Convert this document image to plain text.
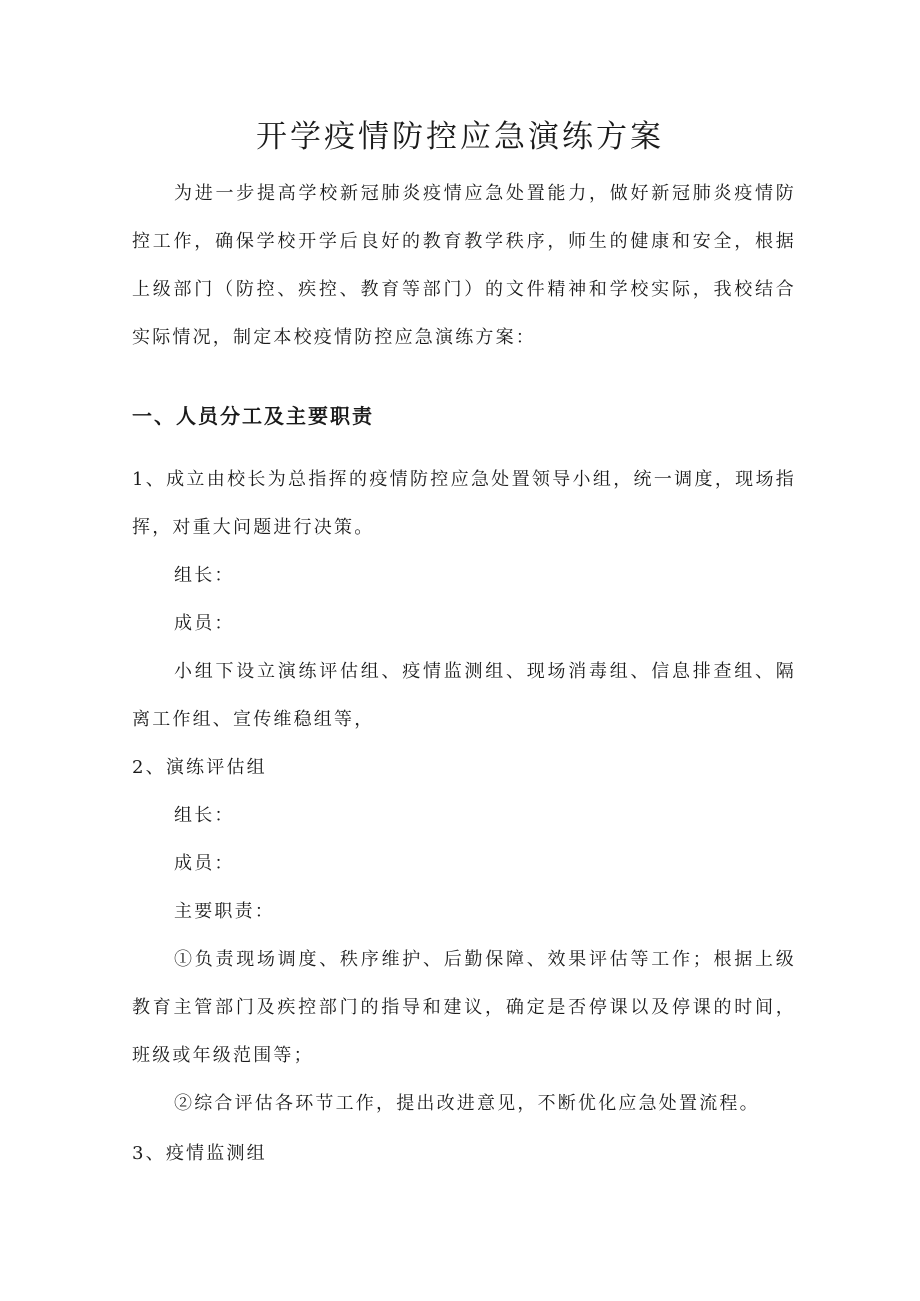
开学疫情防控应急演练方案

为进一步提高学校新冠肺炎疫情应急处置能力，做好新冠肺炎疫情防控工作，确保学校开学后良好的教育教学秩序，师生的健康和安全，根据上级部门（防控、疾控、教育等部门）的文件精神和学校实际，我校结合实际情况，制定本校疫情防控应急演练方案：

一、人员分工及主要职责

1、成立由校长为总指挥的疫情防控应急处置领导小组，统一调度，现场指挥，对重大问题进行决策。

组长：

成员：

小组下设立演练评估组、疫情监测组、现场消毒组、信息排查组、隔离工作组、宣传维稳组等，

2、演练评估组

组长：

成员：

主要职责：

①负责现场调度、秩序维护、后勤保障、效果评估等工作；根据上级教育主管部门及疾控部门的指导和建议，确定是否停课以及停课的时间，班级或年级范围等；

②综合评估各环节工作，提出改进意见，不断优化应急处置流程。

3、疫情监测组
